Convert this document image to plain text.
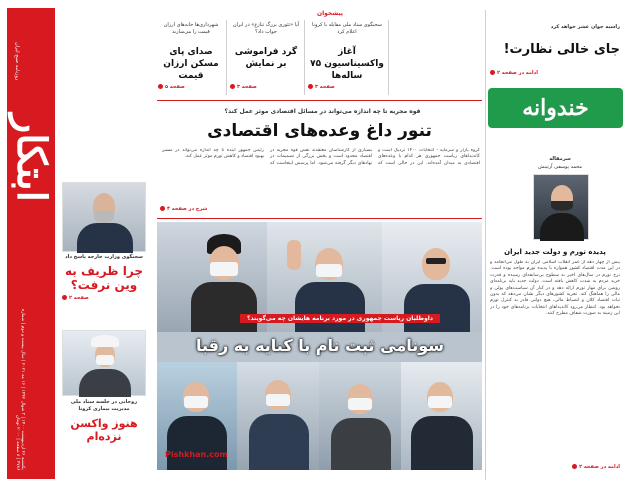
ابتکار
روزنامه صبح ایران
یکشنبه ۲۶ اردیبهشت ۱۴۰۰ | ۳ شوال ۱۴۴۲ | ۱۶ مه ۲۰۲۱ | سال بیست و دوم | شماره ۴۷۸۶ | ۸ صفحه | ۲۰۰۰ تومان
سخنگوی وزارت خارجه پاسخ داد
چرا ظریف به وین نرفت؟
صفحه ۲
روحانی در جلسه ستاد ملی مدیریت بیماری کرونا
هنوز واکسن نزده‌ام
پیشخوان
شهرداری‌ها خانه‌های ارزان قیمت را می‌سازند
صدای پای مسکن ارزان قیمت
صفحه ۵
آیا «تئوری بزرگ تنازع» در ایران جواب داد؟
گرد فراموشی بر نمایش
صفحه ۳
سخنگوی ستاد ملی مقابله با کرونا اعلام کرد
آغاز واکسیناسیون ۷۵ ساله‌ها
صفحه ۳
قوه مجریه تا چه اندازه می‌تواند در مسائل اقتصادی موثر عمل کند؟
تنور داغ وعده‌های اقتصادی
گروه بازار و سرمایه - انتخابات ۱۴۰۰ نزدیک است و کاندیداهای ریاست جمهوری هر کدام با وعده‌های اقتصادی به میدان آمده‌اند. این در حالی است که بسیاری از کارشناسان معتقدند نقش قوه مجریه در اقتصاد محدود است و بخش بزرگی از تصمیمات در نهادهای دیگر گرفته می‌شود. اما پرسش اینجاست که رئیس جمهور آینده تا چه اندازه می‌تواند در مسیر بهبود اقتصاد و کاهش تورم موثر عمل کند.
شرح در صفحه ۴
داوطلبان ریاست جمهوری در مورد برنامه هایشان چه می‌گویند؟
سونامی ثبت نام با کنایه به رقبا
Pishkhan.com
راسیه جوان عشر خواهد کرد
جای خالی نظارت!
ادامه در صفحه ۲
خندوانه
سرمقاله
محمد پوسفی آرتینش
پدیده تورم و دولت جدید ایران
بیش از چهار دهه از عمر انقلاب اسلامی ایران به طول می‌انجامد و در این مدت اقتصاد کشور همواره با پدیده تورم مواجه بوده است. نرخ تورم در سال‌های اخیر به سطوح بی‌سابقه‌ای رسیده و قدرت خرید مردم به شدت کاهش یافته است. دولت جدید باید برنامه‌ای روشن برای مهار تورم ارائه دهد و در کنار آن سیاست‌های پولی و مالی را هماهنگ کند. تجربه کشورهای دیگر نشان می‌دهد که بدون ثبات اقتصاد کلان و انضباط مالی، هیچ دولتی قادر به کنترل تورم نخواهد بود. انتظار می‌رود کاندیداهای انتخابات برنامه‌های خود را در این زمینه به صورت شفاف مطرح کنند.
ادامه در صفحه ۲
